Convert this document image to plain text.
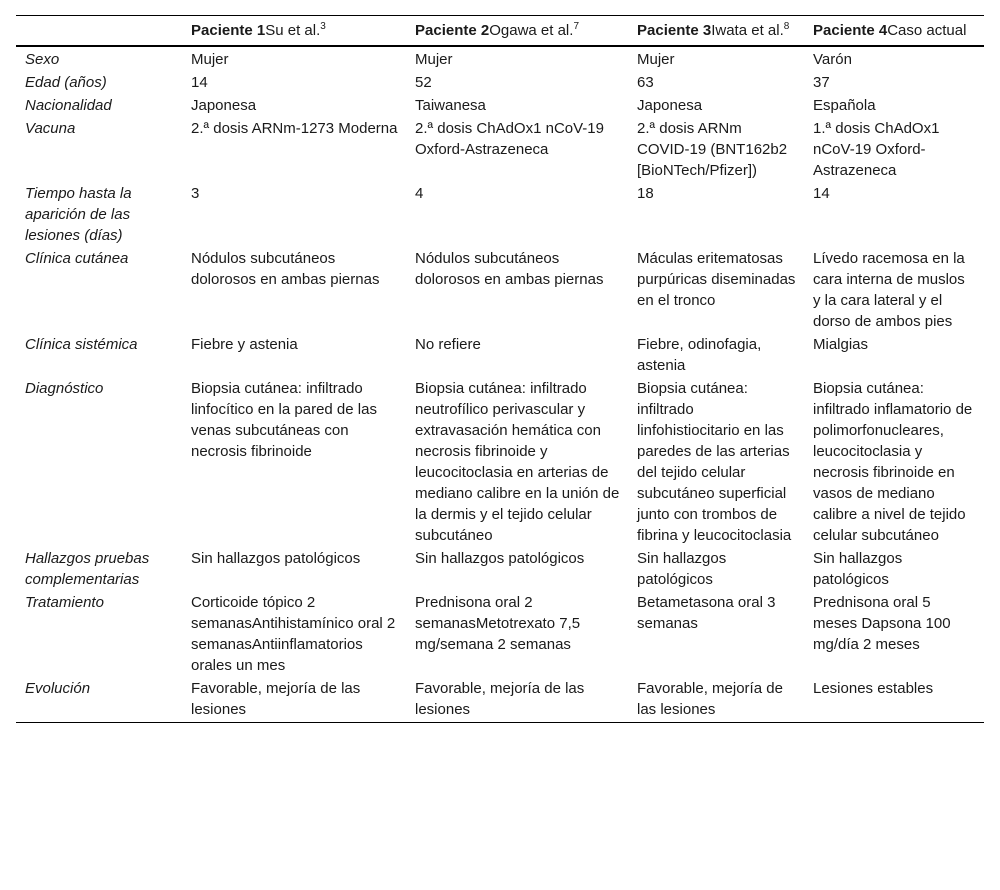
	Paciente 1Su et al.$^3$	Paciente 2Ogawa et al.$^7$	Paciente 3Iwata et al.$^8$	Paciente 4Caso actual
Sexo	Mujer	Mujer	Mujer	Varón
Edad (años)	14	52	63	37
Nacionalidad	Japonesa	Taiwanesa	Japonesa	Española
Vacuna	2.ª dosis ARNm-1273 Moderna	2.ª dosis ChAdOx1 nCoV-19 Oxford-Astrazeneca	2.ª dosis ARNm COVID-19 (BNT162b2 [BioNTech/Pfizer])	1.ª dosis ChAdOx1 nCoV-19 Oxford-Astrazeneca
Tiempo hasta la aparición de las lesiones (días)	3	4	18	14
Clínica cutánea	Nódulos subcutáneos dolorosos en ambas piernas	Nódulos subcutáneos dolorosos en ambas piernas	Máculas eritematosas purpúricas diseminadas en el tronco	Lívedo racemosa en la cara interna de muslos y la cara lateral y el dorso de ambos pies
Clínica sistémica	Fiebre y astenia	No refiere	Fiebre, odinofagia, astenia	Mialgias
Diagnóstico	Biopsia cutánea: infiltrado linfocítico en la pared de las venas subcutáneas con necrosis fibrinoide	Biopsia cutánea: infiltrado neutrofílico perivascular y extravasación hemática con necrosis fibrinoide y leucocitoclasia en arterias de mediano calibre en la unión de la dermis y el tejido celular subcutáneo	Biopsia cutánea: infiltrado linfohistiocitario en las paredes de las arterias del tejido celular subcutáneo superficial junto con trombos de fibrina y leucocitoclasia	Biopsia cutánea: infiltrado inflamatorio de polimorfonucleares, leucocitoclasia y necrosis fibrinoide en vasos de mediano calibre a nivel de tejido celular subcutáneo
Hallazgos pruebas complementarias	Sin hallazgos patológicos	Sin hallazgos patológicos	Sin hallazgos patológicos	Sin hallazgos patológicos
Tratamiento	Corticoide tópico 2 semanasAntihistamínico oral 2 semanasAntiinflamatorios orales un mes	Prednisona oral 2 semanasMetotrexato 7,5 mg/semana 2 semanas	Betametasona oral 3 semanas	Prednisona oral 5 meses Dapsona 100 mg/día 2 meses
Evolución	Favorable, mejoría de las lesiones	Favorable, mejoría de las lesiones	Favorable, mejoría de las lesiones	Lesiones estables
